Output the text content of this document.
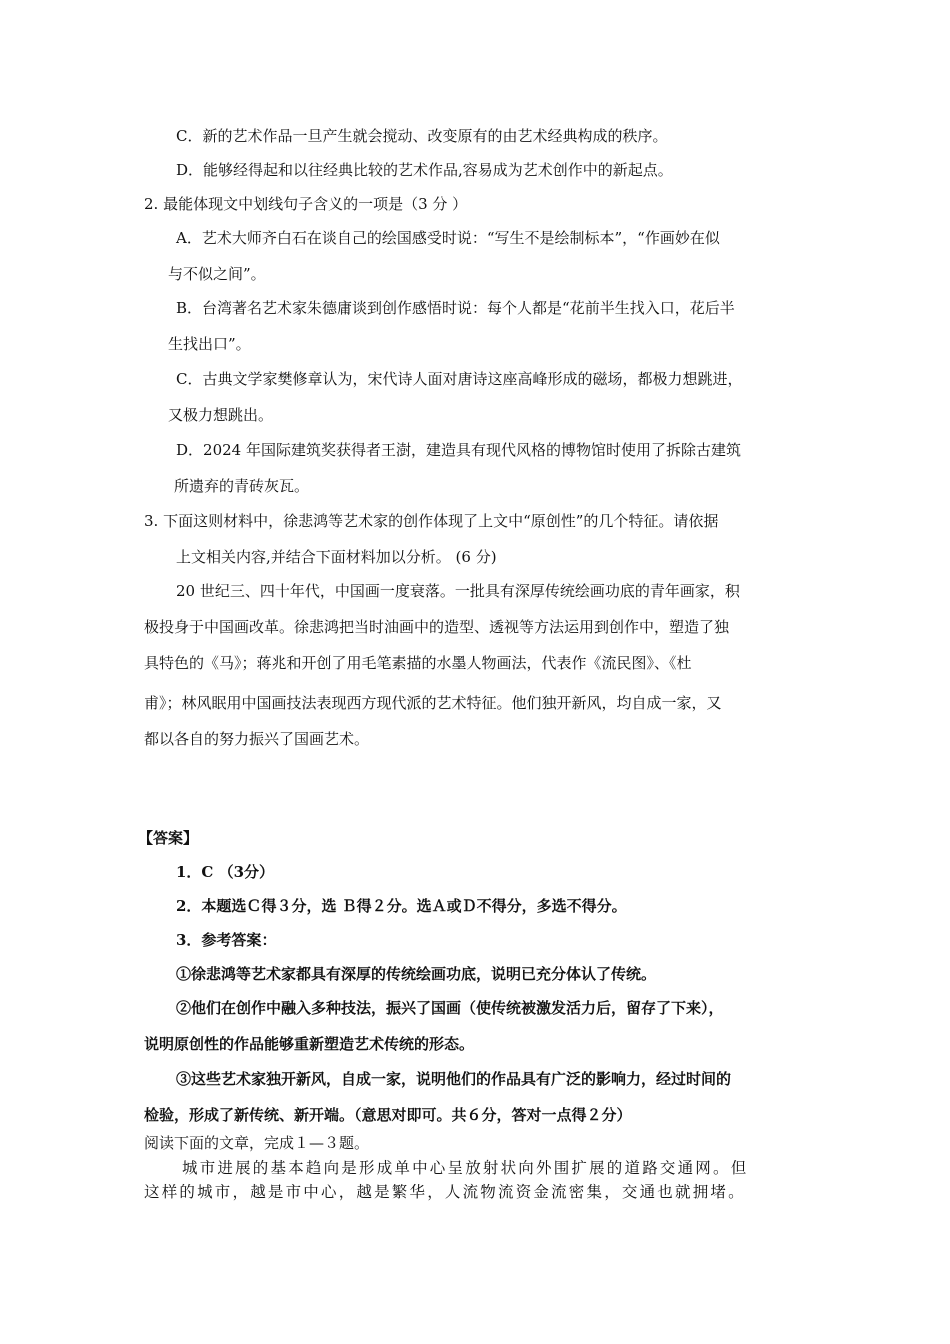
C．新的艺术作品一旦产生就会搅动、改变原有的由艺术经典构成的秩序。
D．能够经得起和以往经典比较的艺术作品,容易成为艺术创作中的新起点。
2. 最能体现文中划线句子含义的一项是（3 分 ）
A．艺术大师齐白石在谈自己的绘国感受时说：“写生不是绘制标本”，“作画妙在似
与不似之间”。
B．台湾著名艺术家朱德庸谈到创作感悟时说：每个人都是“花前半生找入口，花后半
生找出口”。
C．古典文学家樊修章认为，宋代诗人面对唐诗这座高峰形成的磁场，都极力想跳进，
又极力想跳出。
D．2024 年国际建筑奖获得者王澍，建造具有现代风格的博物馆时使用了拆除古建筑
所遗弃的青砖灰瓦。
3. 下面这则材料中，徐悲鸿等艺术家的创作体现了上文中“原创性”的几个特征。请依据
上文相关内容,并结合下面材料加以分析。 (6 分)
20 世纪三、四十年代，中国画一度衰落。一批具有深厚传统绘画功底的青年画家，积
极投身于中国画改革。徐悲鸿把当时油画中的造型、透视等方法运用到创作中，塑造了独
具特色的《马》；蒋兆和开创了用毛笔素描的水墨人物画法，代表作《流民图》、《杜
甫》；林风眠用中国画技法表现西方现代派的艺术特征。他们独开新风，均自成一家，又
都以各自的努力振兴了国画艺术。
【答案】
1．C （3分）
2．本题选Ｃ得３分，选 Ｂ得２分。选Ａ或Ｄ不得分，多选不得分。
3．参考答案：
①徐悲鸿等艺术家都具有深厚的传统绘画功底，说明已充分体认了传统。
②他们在创作中融入多种技法，振兴了国画（使传统被激发活力后，留存了下来），
说明原创性的作品能够重新塑造艺术传统的形态。
③这些艺术家独开新风，自成一家，说明他们的作品具有广泛的影响力，经过时间的
检验，形成了新传统、新开端。（意思对即可。共６分，答对一点得２分）
阅读下面的文章，完成１—３题。
城市进展的基本趋向是形成单中心呈放射状向外围扩展的道路交通网。但
这样的城市，越是市中心，越是繁华，人流物流资金流密集，交通也就拥堵。
